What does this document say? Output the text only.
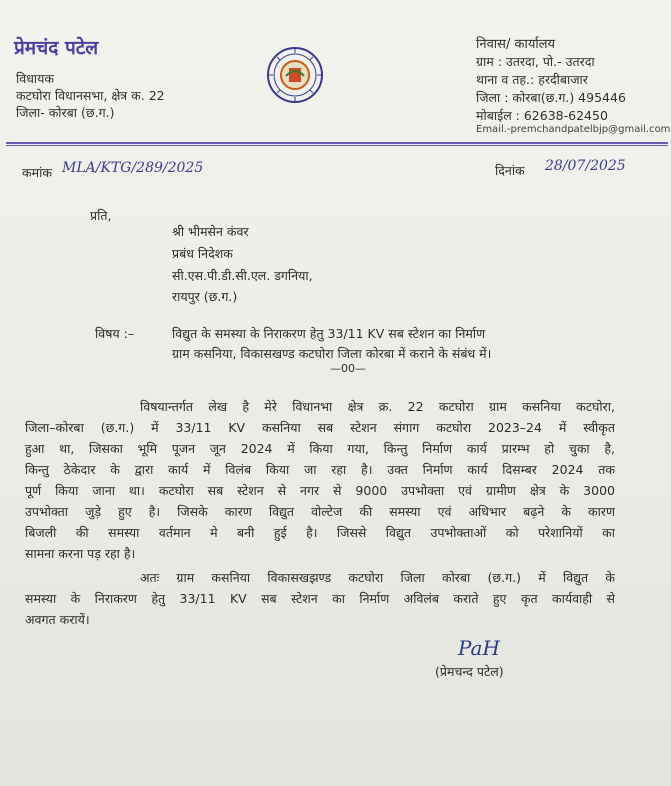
प्रेमचंद पटेल
विधायक
कटघोरा विधानसभा, क्षेत्र क. 22
जिला- कोरबा (छ.ग.)
निवास/ कार्यालय
ग्राम : उतरदा, पो.- उतरदा
थाना व तह.: हरदीबाजार
जिला : कोरबा(छ.ग.) 495446
मोबाईल : 62638-62450
Email.-premchandpatelbjp@gmail.com
कमांक MLA/KTG/289/2025	दिनांक 28/07/2025
प्रति,
श्री भीमसेन कंवर
प्रबंध निदेशक
सी.एस.पी.डी.सी.एल. डगनिया,
रायपुर (छ.ग.)
विषय :–	विद्युत के समस्या के निराकरण हेतु 33/11 KV सब स्टेशन का निर्माण
ग्राम कसनिया, विकासखण्ड कटघोरा जिला कोरबा में कराने के संबंध में।
—00—
विषयान्तर्गत लेख है मेरे विधानभा क्षेत्र क्र. 22 कटघोरा ग्राम कसनिया कटघोरा,
जिला–कोरबा (छ.ग.) में 33/11 KV कसनिया सब स्टेशन संगाग कटघोरा 2023–24 में स्वीकृत
हुआ था, जिसका भूमि पूजन जून 2024 में किया गया, किन्तु निर्माण कार्य प्रारम्भ हो चुका है,
किन्तु ठेकेदार के द्वारा कार्य में विलंब किया जा रहा है। उक्त निर्माण कार्य दिसम्बर 2024 तक
पूर्ण किया जाना था। कटघोरा सब स्टेशन से नगर से 9000 उपभोक्ता एवं ग्रामीण क्षेत्र के 3000
उपभोक्ता जुड़े हुए है। जिसके कारण विद्युत वोल्टेज की समस्या एवं अधिभार बढ़ने के कारण
बिजली की समस्या वर्तमान मे बनी हुई है। जिससे विद्युत उपभोक्ताओं को परेशानियों का
सामना करना पड़ रहा है।
अतः ग्राम कसनिया विकासखझण्ड कटघोरा जिला कोरबा (छ.ग.) में विद्युत के
समस्या के निराकरण हेतु 33/11 KV सब स्टेशन का निर्माण अविलंब कराते हुए कृत कार्यवाही से
अवगत करायें।
PaH
(प्रेमचन्द पटेल)
